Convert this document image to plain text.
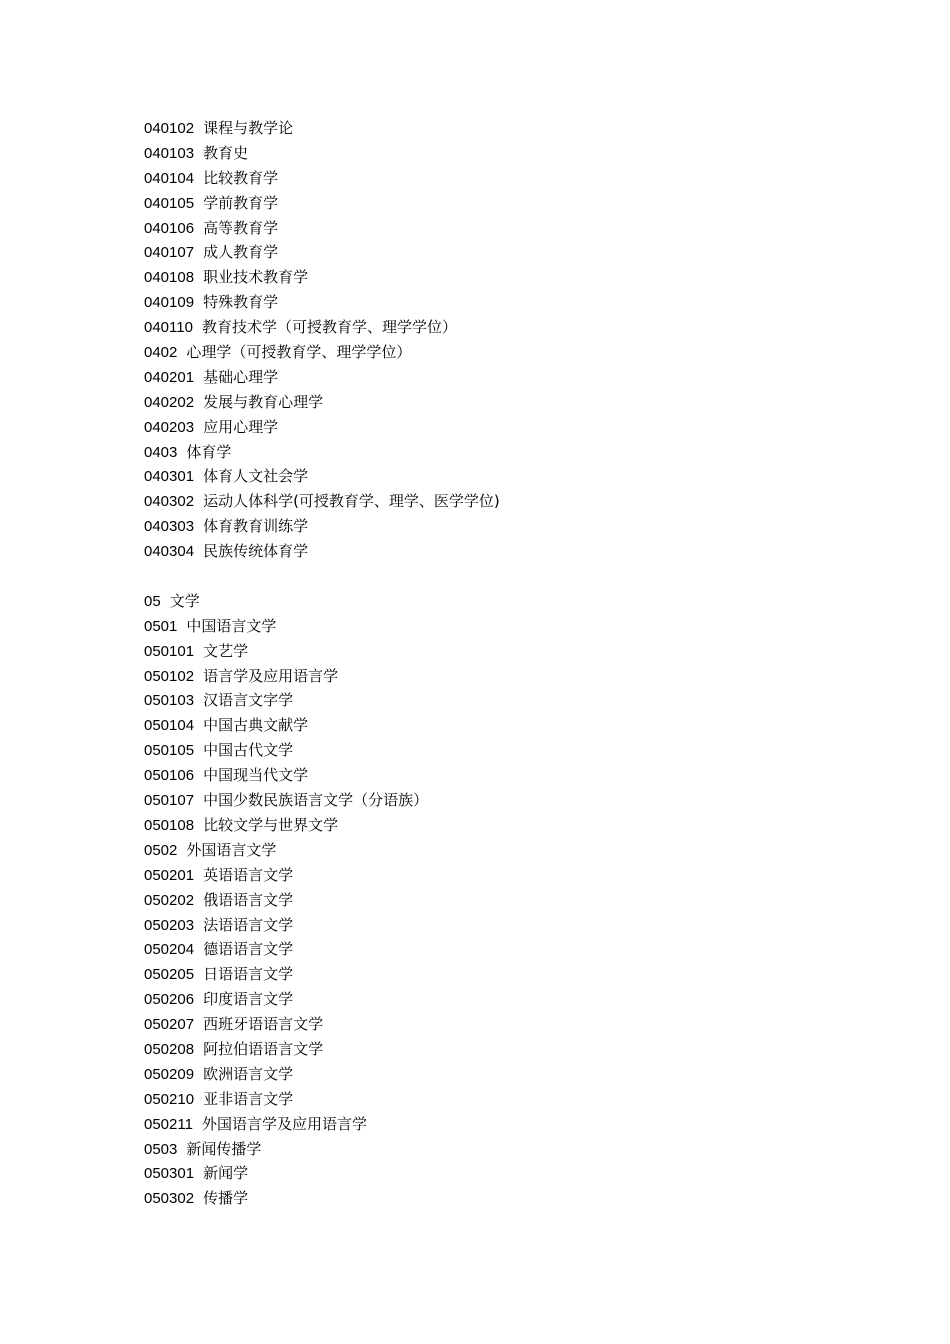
040102 课程与教学论
040103 教育史
040104 比较教育学
040105 学前教育学
040106 高等教育学
040107 成人教育学
040108 职业技术教育学
040109 特殊教育学
040110 教育技术学（可授教育学、理学学位）
0402 心理学（可授教育学、理学学位）
040201 基础心理学
040202 发展与教育心理学
040203 应用心理学
0403 体育学
040301 体育人文社会学
040302 运动人体科学(可授教育学、理学、医学学位)
040303 体育教育训练学
040304 民族传统体育学
05 文学
0501 中国语言文学
050101 文艺学
050102 语言学及应用语言学
050103 汉语言文字学
050104 中国古典文献学
050105 中国古代文学
050106 中国现当代文学
050107 中国少数民族语言文学（分语族）
050108 比较文学与世界文学
0502 外国语言文学
050201 英语语言文学
050202 俄语语言文学
050203 法语语言文学
050204 德语语言文学
050205 日语语言文学
050206 印度语言文学
050207 西班牙语语言文学
050208 阿拉伯语语言文学
050209 欧洲语言文学
050210 亚非语言文学
050211 外国语言学及应用语言学
0503 新闻传播学
050301 新闻学
050302 传播学
